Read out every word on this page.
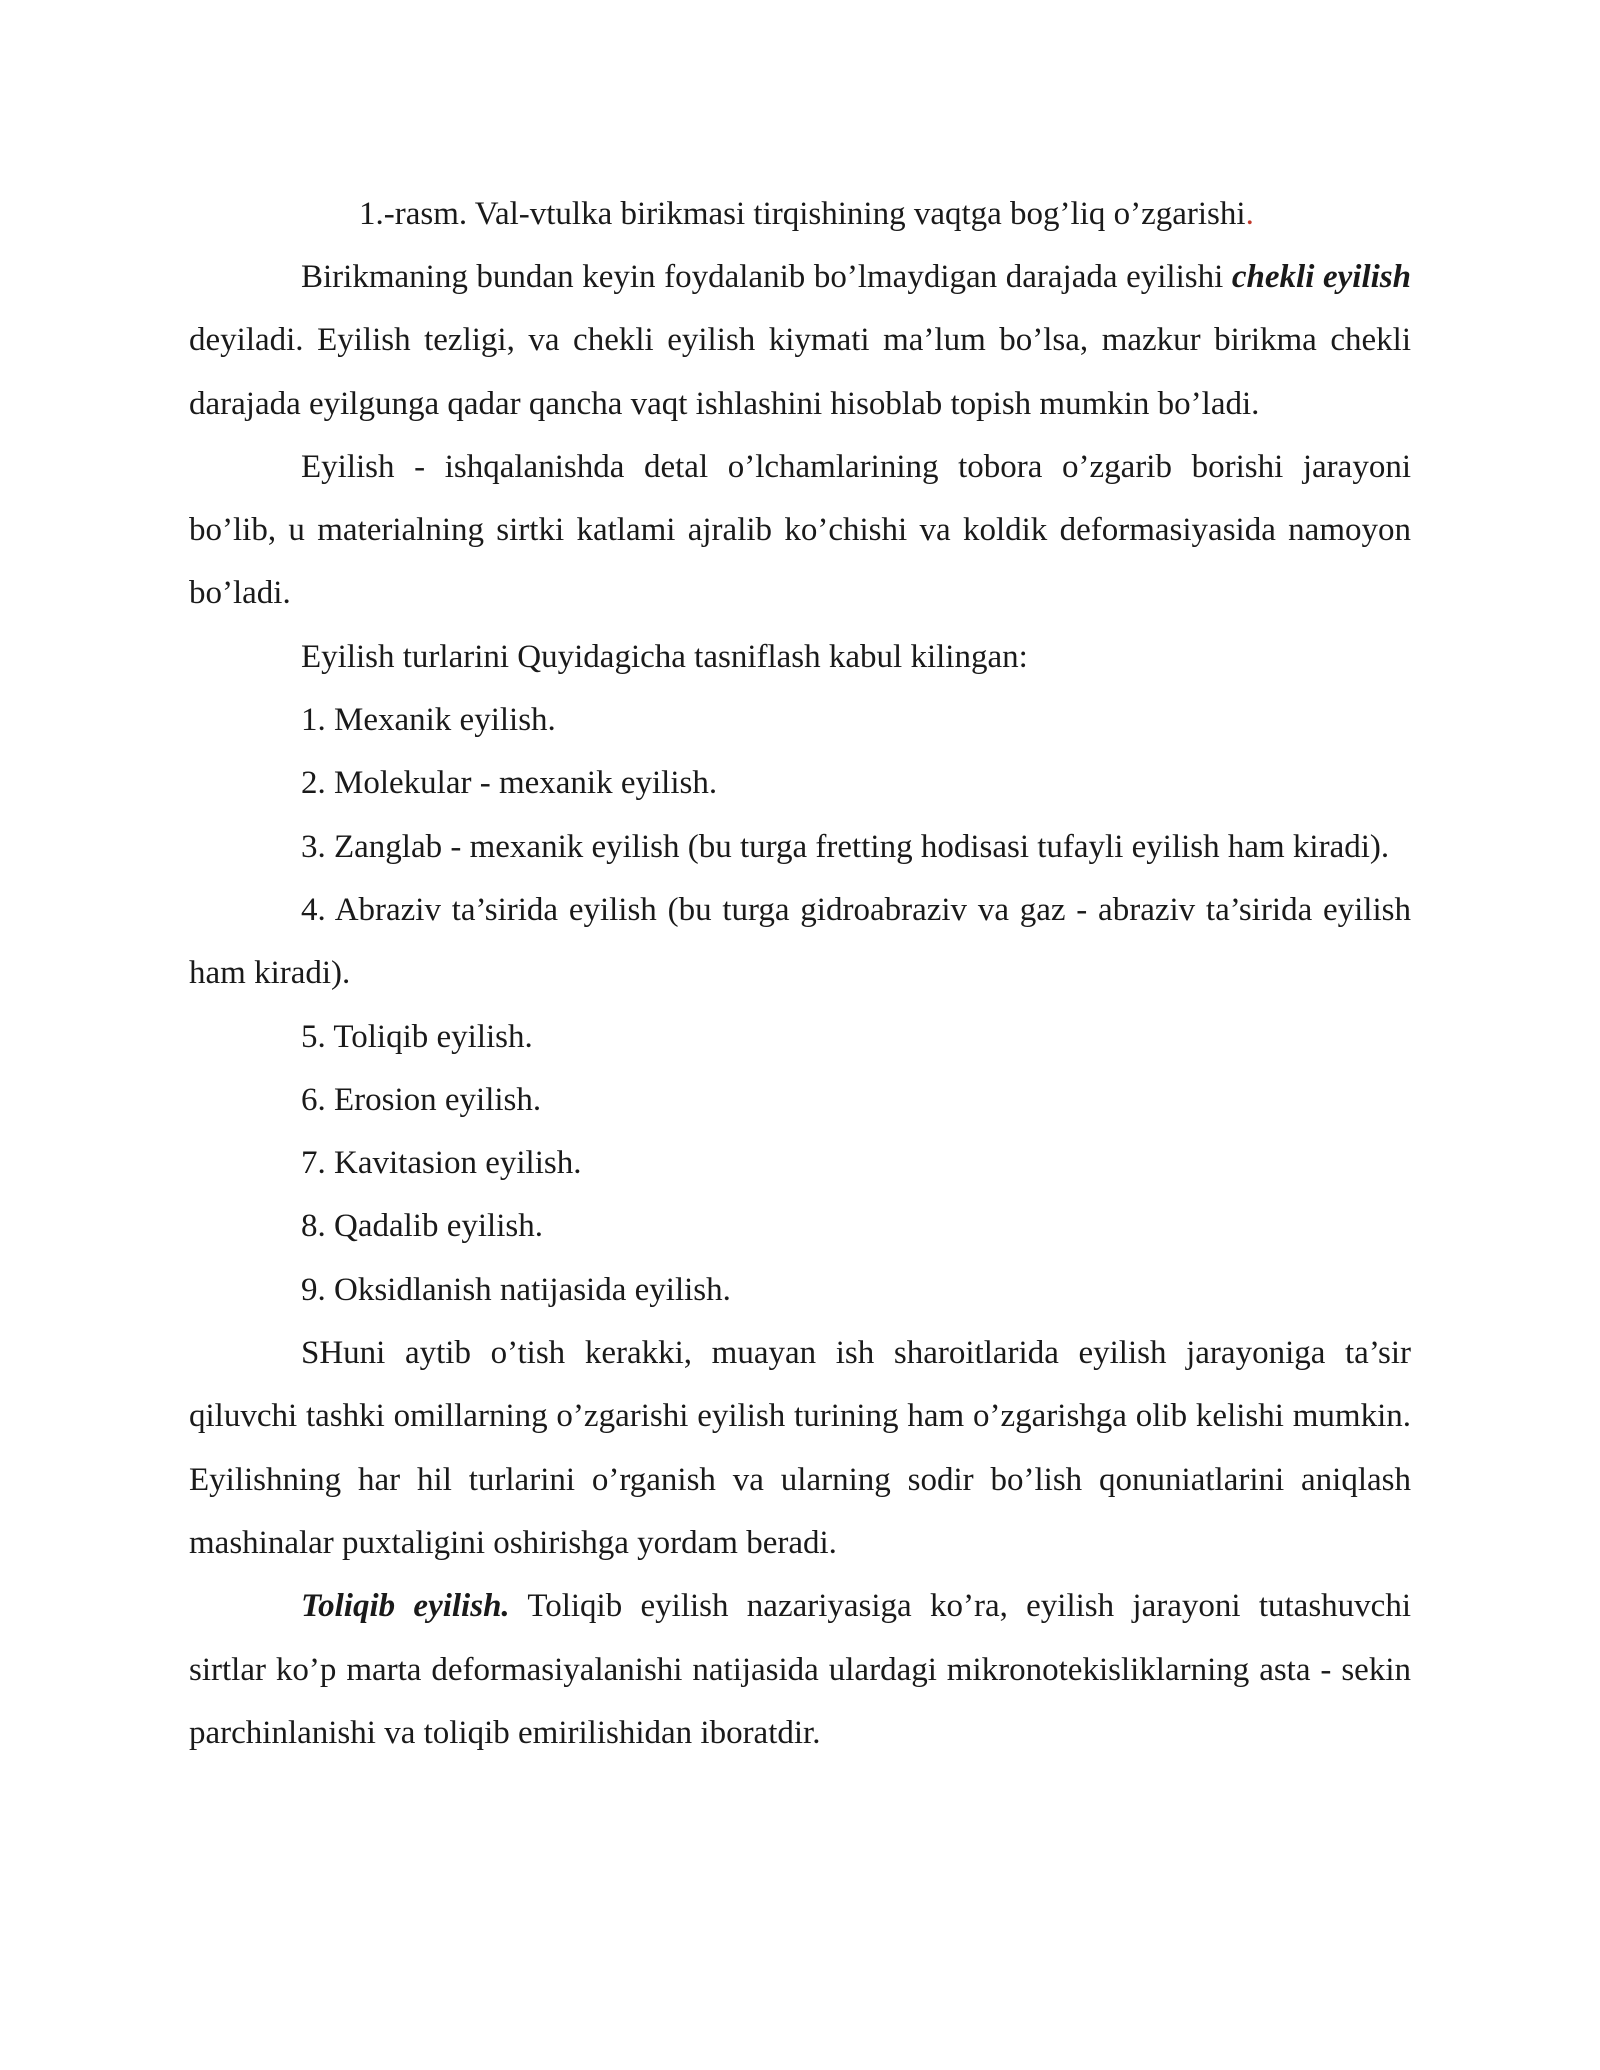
1.-rasm. Val-vtulka birikmasi tirqishining vaqtga bog’liq o’zgarishi.

Birikmaning bundan keyin foydalanib bo’lmaydigan darajada eyilishi chekli eyilish deyiladi. Eyilish tezligi, va chekli eyilish kiymati ma’lum bo’lsa, mazkur birikma chekli darajada eyilgunga qadar qancha vaqt ishlashini hisoblab topish mumkin bo’ladi.

Eyilish - ishqalanishda detal o’lchamlarining tobora o’zgarib borishi jarayoni bo’lib, u materialning sirtki katlami ajralib ko’chishi va koldik deformasiyasida namoyon bo’ladi.

Eyilish turlarini Quyidagicha tasniflash kabul kilingan:

1. Mexanik eyilish.

2. Molekular - mexanik eyilish.

3. Zanglab - mexanik eyilish (bu turga fretting hodisasi tufayli eyilish ham kiradi).

4. Abraziv ta’sirida eyilish (bu turga gidroabraziv va gaz - abraziv ta’sirida eyilish ham kiradi).

5. Toliqib eyilish.

6. Erosion eyilish.

7. Kavitasion eyilish.

8. Qadalib eyilish.

9. Oksidlanish natijasida eyilish.

SHuni aytib o’tish kerakki, muayan ish sharoitlarida eyilish jarayoniga ta’sir qiluvchi tashki omillarning o’zgarishi eyilish turining ham o’zgarishga olib kelishi mumkin. Eyilishning har hil turlarini o’rganish va ularning sodir bo’lish qonuniatlarini aniqlash mashinalar puxtaligini oshirishga yordam beradi.

Toliqib eyilish. Toliqib eyilish nazariyasiga ko’ra, eyilish jarayoni tutashuvchi sirtlar ko’p marta deformasiyalanishi natijasida ulardagi mikronotekisliklarning asta - sekin parchinlanishi va toliqib emirilishidan iboratdir.
